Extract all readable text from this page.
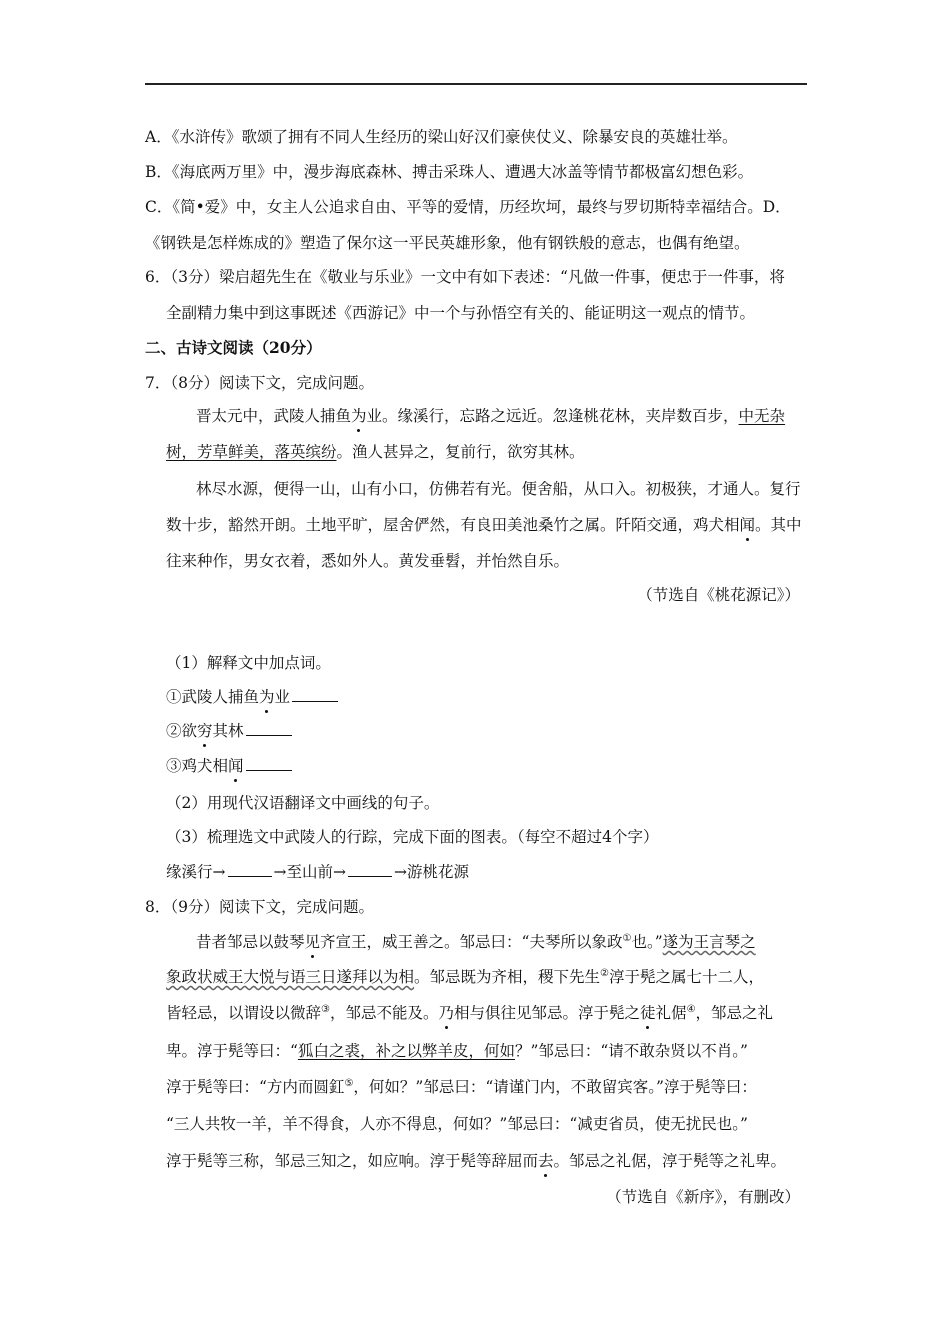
A．《水浒传》歌颂了拥有不同人生经历的梁山好汉们豪侠仗义、除暴安良的英雄壮举。
B．《海底两万里》中，漫步海底森林、搏击采珠人、遭遇大冰盖等情节都极富幻想色彩。
C．《简•爱》中，女主人公追求自由、平等的爱情，历经坎坷，最终与罗切斯特幸福结合。D．
《钢铁是怎样炼成的》塑造了保尔这一平民英雄形象，他有钢铁般的意志，也偶有绝望。
6．（3分）梁启超先生在《敬业与乐业》一文中有如下表述：“凡做一件事，便忠于一件事，将
全副精力集中到这事既述《西游记》中一个与孙悟空有关的、能证明这一观点的情节。
二、古诗文阅读（20分）
7．（8分）阅读下文，完成问题。
晋太元中，武陵人捕鱼为业。缘溪行，忘路之远近。忽逢桃花林，夹岸数百步，中无杂
树，芳草鲜美，落英缤纷。渔人甚异之，复前行，欲穷其林。
林尽水源，便得一山，山有小口，仿佛若有光。便舍船，从口入。初极狭，才通人。复行
数十步，豁然开朗。土地平旷，屋舍俨然，有良田美池桑竹之属。阡陌交通，鸡犬相闻。其中
往来种作，男女衣着，悉如外人。黄发垂髫，并怡然自乐。
（节选自《桃花源记》）
（1）解释文中加点词。
①武陵人捕鱼为业
②欲穷其林
③鸡犬相闻
（2）用现代汉语翻译文中画线的句子。
（3）梳理选文中武陵人的行踪，完成下面的图表。（每空不超过4个字）
缘溪行→	→至山前→	→游桃花源
8．（9分）阅读下文，完成问题。
昔者邹忌以鼓琴见齐宣王，威王善之。邹忌曰：“夫琴所以象政①也。”遂为王言琴之
象政状威王大悦与语三日遂拜以为相。邹忌既为齐相，稷下先生②淳于髡之属七十二人，
皆轻忌，以谓设以微辞③，邹忌不能及。乃相与俱往见邹忌。淳于髡之徒礼倨④，邹忌之礼
卑。淳于髡等曰：“狐白之裘，补之以弊羊皮，何如？”邹忌曰：“请不敢杂贤以不肖。”
淳于髡等曰：“方内而圆釭⑤，何如？”邹忌曰：“请谨门内，不敢留宾客。”淳于髡等曰：
“三人共牧一羊，羊不得食，人亦不得息，何如？”邹忌曰：“减吏省员，使无扰民也。”
淳于髡等三称，邹忌三知之，如应响。淳于髡等辞屈而去。邹忌之礼倨，淳于髡等之礼卑。
（节选自《新序》，有删改）
